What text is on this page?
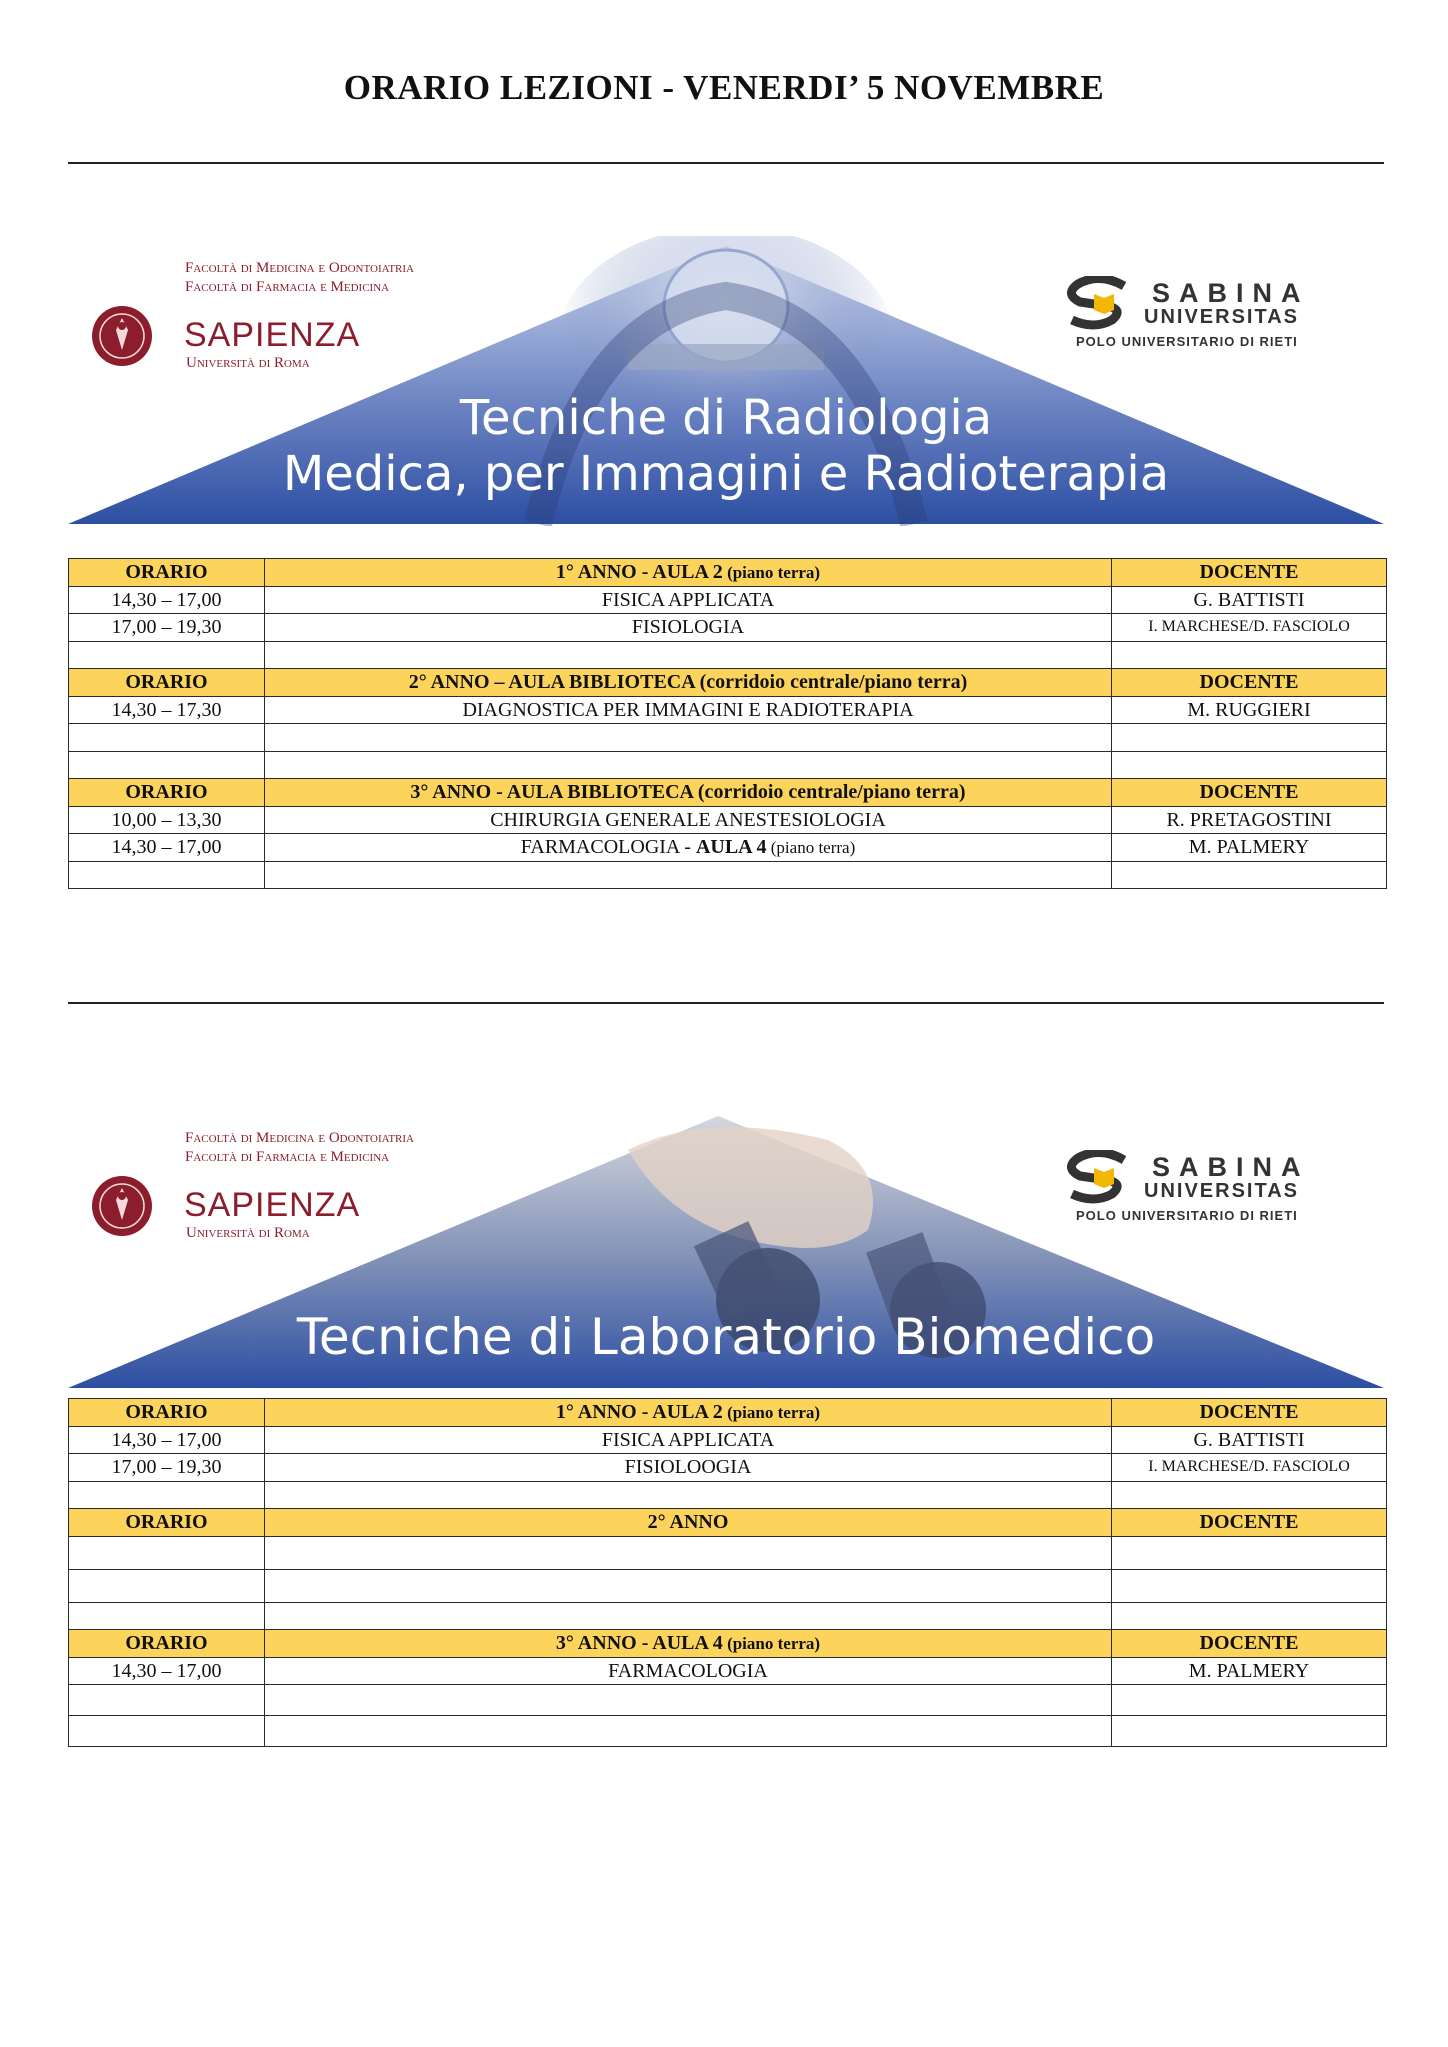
ORARIO LEZIONI - VENERDI’ 5 NOVEMBRE
Tecniche di Radiologia
Medica, per Immagini e Radioterapia
Facoltà di Medicina e Odontoiatria
Facoltà di Farmacia e Medicina
SAPIENZA
Università di Roma
SABINA
UNIVERSITAS
POLO UNIVERSITARIO DI RIETI
ORARIO	1° ANNO - AULA 2 (piano terra)	DOCENTE
14,30 – 17,00	FISICA APPLICATA	G. BATTISTI
17,00 – 19,30	FISIOLOGIA	I. MARCHESE/D. FASCIOLO

ORARIO	2° ANNO – AULA BIBLIOTECA (corridoio centrale/piano terra)	DOCENTE
14,30 – 17,30	DIAGNOSTICA PER IMMAGINI E RADIOTERAPIA	M. RUGGIERI

ORARIO	3° ANNO - AULA BIBLIOTECA (corridoio centrale/piano terra)	DOCENTE
10,00 – 13,30	CHIRURGIA GENERALE ANESTESIOLOGIA	R. PRETAGOSTINI
14,30 – 17,00	FARMACOLOGIA - AULA 4 (piano terra)	M. PALMERY

Tecniche di Laboratorio Biomedico
Facoltà di Medicina e Odontoiatria
Facoltà di Farmacia e Medicina
SAPIENZA
Università di Roma
SABINA
UNIVERSITAS
POLO UNIVERSITARIO DI RIETI
ORARIO	1° ANNO - AULA 2 (piano terra)	DOCENTE
14,30 – 17,00	FISICA APPLICATA	G. BATTISTI
17,00 – 19,30	FISIOLOOGIA	I. MARCHESE/D. FASCIOLO

ORARIO	2° ANNO	DOCENTE

ORARIO	3° ANNO - AULA 4 (piano terra)	DOCENTE
14,30 – 17,00	FARMACOLOGIA	M. PALMERY
